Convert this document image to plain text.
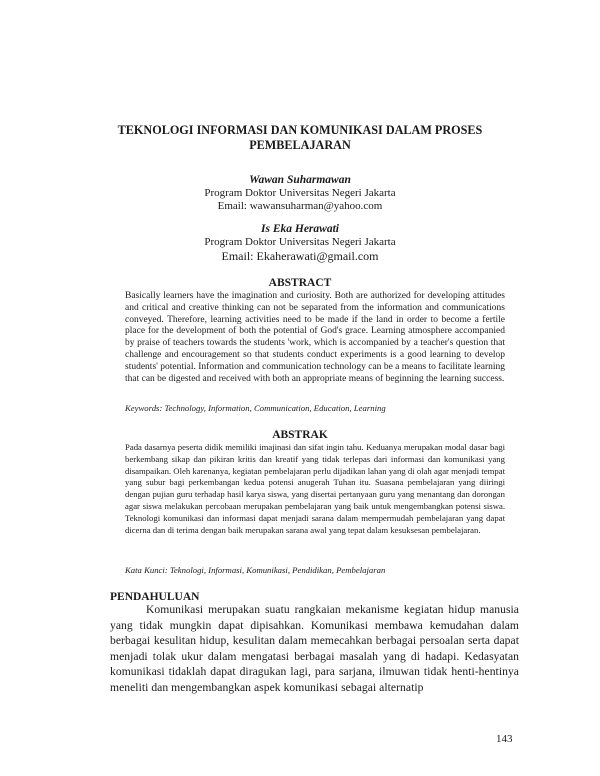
TEKNOLOGI INFORMASI DAN KOMUNIKASI DALAM PROSES PEMBELAJARAN
Wawan Suharmawan
Program Doktor Universitas Negeri Jakarta
Email: wawansuharman@yahoo.com
Is Eka Herawati
Program Doktor Universitas Negeri Jakarta
Email: Ekaherawati@gmail.com
ABSTRACT
Basically learners have the imagination and curiosity. Both are authorized for developing attitudes and critical and creative thinking can not be separated from the information and communications conveyed. Therefore, learning activities need to be made if the land in order to become a fertile place for the development of both the potential of God's grace. Learning atmosphere accompanied by praise of teachers towards the students 'work, which is accompanied by a teacher's question that challenge and encouragement so that students conduct experiments is a good learning to develop students' potential. Information and communication technology can be a means to facilitate learning that can be digested and received with both an appropriate means of beginning the learning success.
Keywords: Technology, Information, Communication, Education, Learning
ABSTRAK
Pada dasarnya peserta didik memiliki imajinasi dan sifat ingin tahu. Keduanya merupakan modal dasar bagi berkembang sikap dan pikiran kritis dan kreatif yang tidak terlepas dari informasi dan komunikasi yang disampaikan. Oleh karenanya, kegiatan pembelajaran perlu dijadikan lahan yang di olah agar menjadi tempat yang subur bagi perkembangan kedua potensi anugerah Tuhan itu. Suasana pembelajaran yang diiringi dengan pujian guru terhadap hasil karya siswa, yang disertai pertanyaan guru yang menantang dan dorongan agar siswa melakukan percobaan merupakan pembelajaran yang baik untuk mengembangkan potensi siswa. Teknologi komunikasi dan informasi dapat menjadi sarana dalam mempermudah pembelajaran yang dapat dicerna dan di terima dengan baik merupakan sarana awal yang tepat dalam kesuksesan pembelajaran.
Kata Kunci: Teknologi, Informasi, Komunikasi, Pendidikan, Pembelajaran
PENDAHULUAN
Komunikasi merupakan suatu rangkaian mekanisme kegiatan hidup manusia yang tidak mungkin dapat dipisahkan. Komunikasi membawa kemudahan dalam berbagai kesulitan hidup, kesulitan dalam memecahkan berbagai persoalan serta dapat menjadi tolak ukur dalam mengatasi berbagai masalah yang di hadapi. Kedasyatan komunikasi tidaklah dapat diragukan lagi, para sarjana, ilmuwan tidak henti-hentinya meneliti dan mengembangkan aspek komunikasi sebagai alternatip
143
